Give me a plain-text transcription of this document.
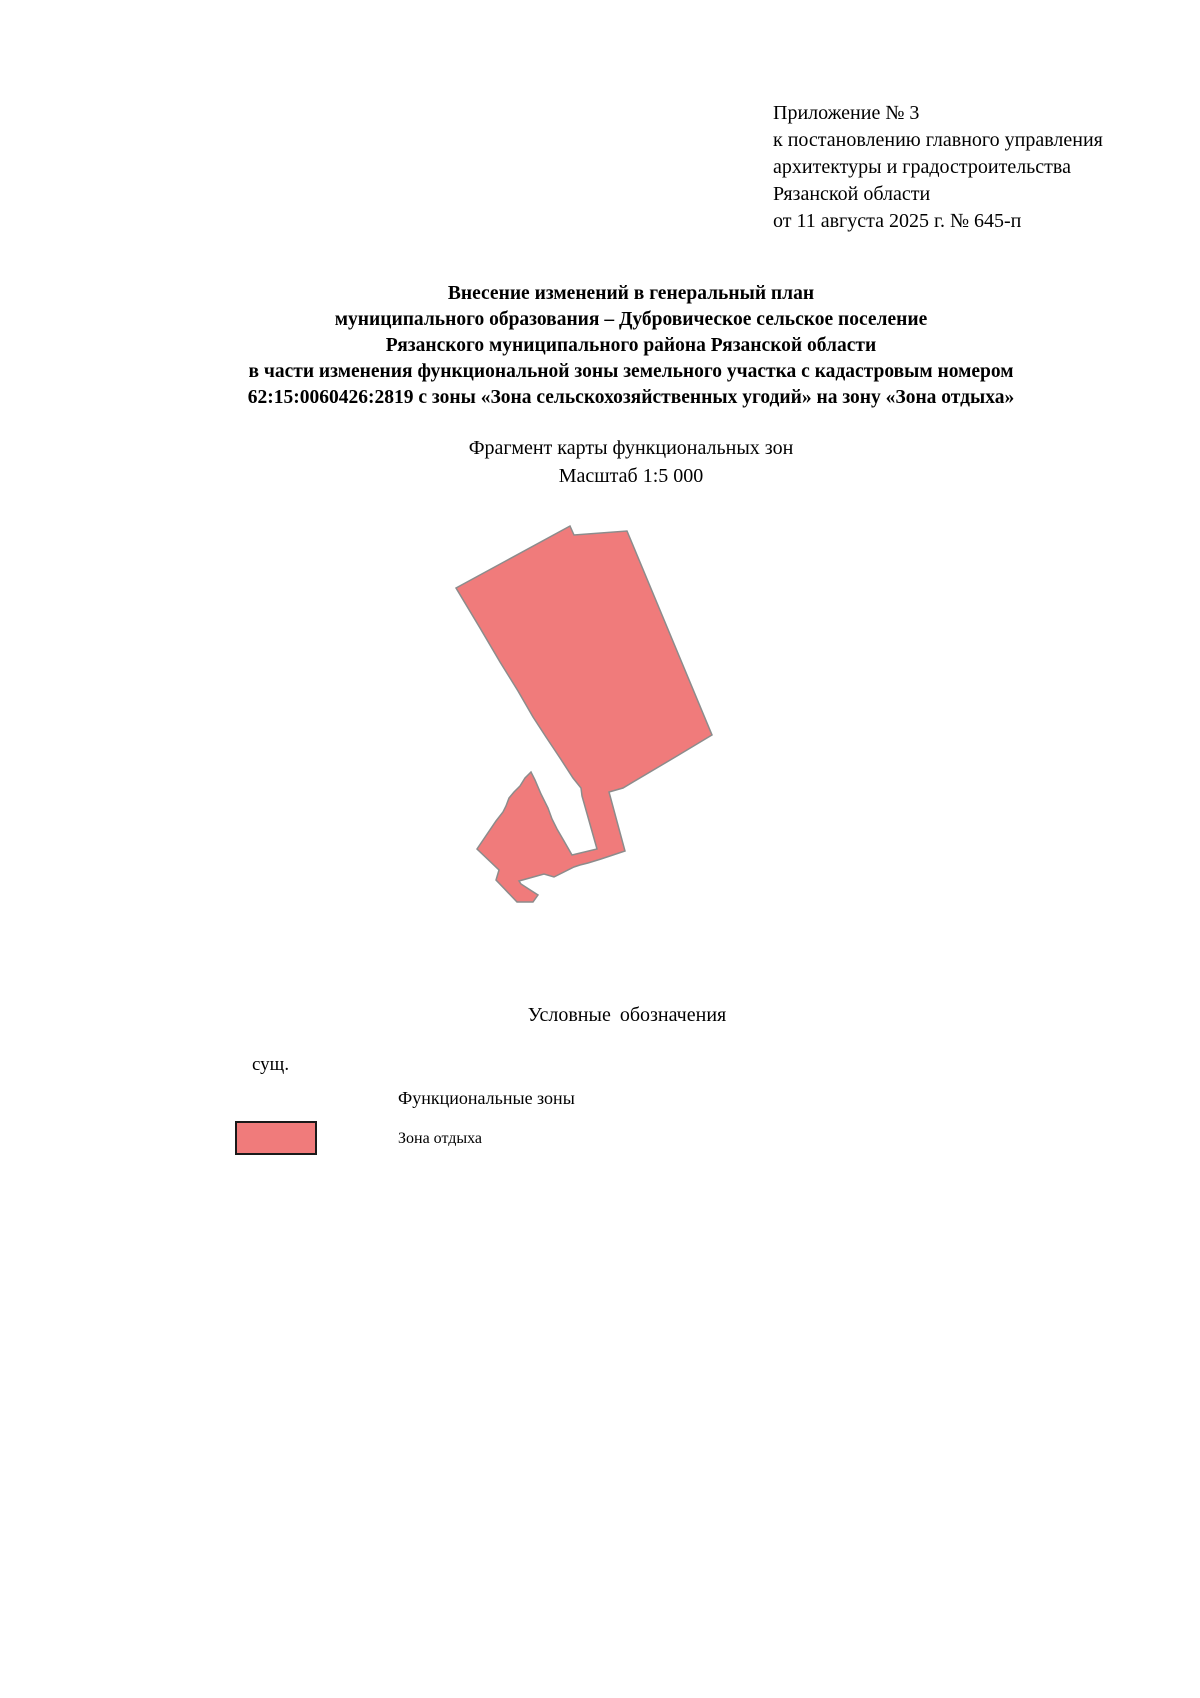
Приложение № 3
к постановлению главного управления
архитектуры и градостроительства
Рязанской области
от 11 августа 2025 г. № 645-п
Внесение изменений в генеральный план
муниципального образования – Дубровическое сельское поселение
Рязанского муниципального района Рязанской области
в части изменения функциональной зоны земельного участка с кадастровым номером
62:15:0060426:2819 с зоны «Зона сельскохозяйственных угодий» на зону «Зона отдыха»
Фрагмент карты функциональных зон
Масштаб 1:5 000
Условные обозначения
сущ.
Функциональные зоны
Зона отдыха
